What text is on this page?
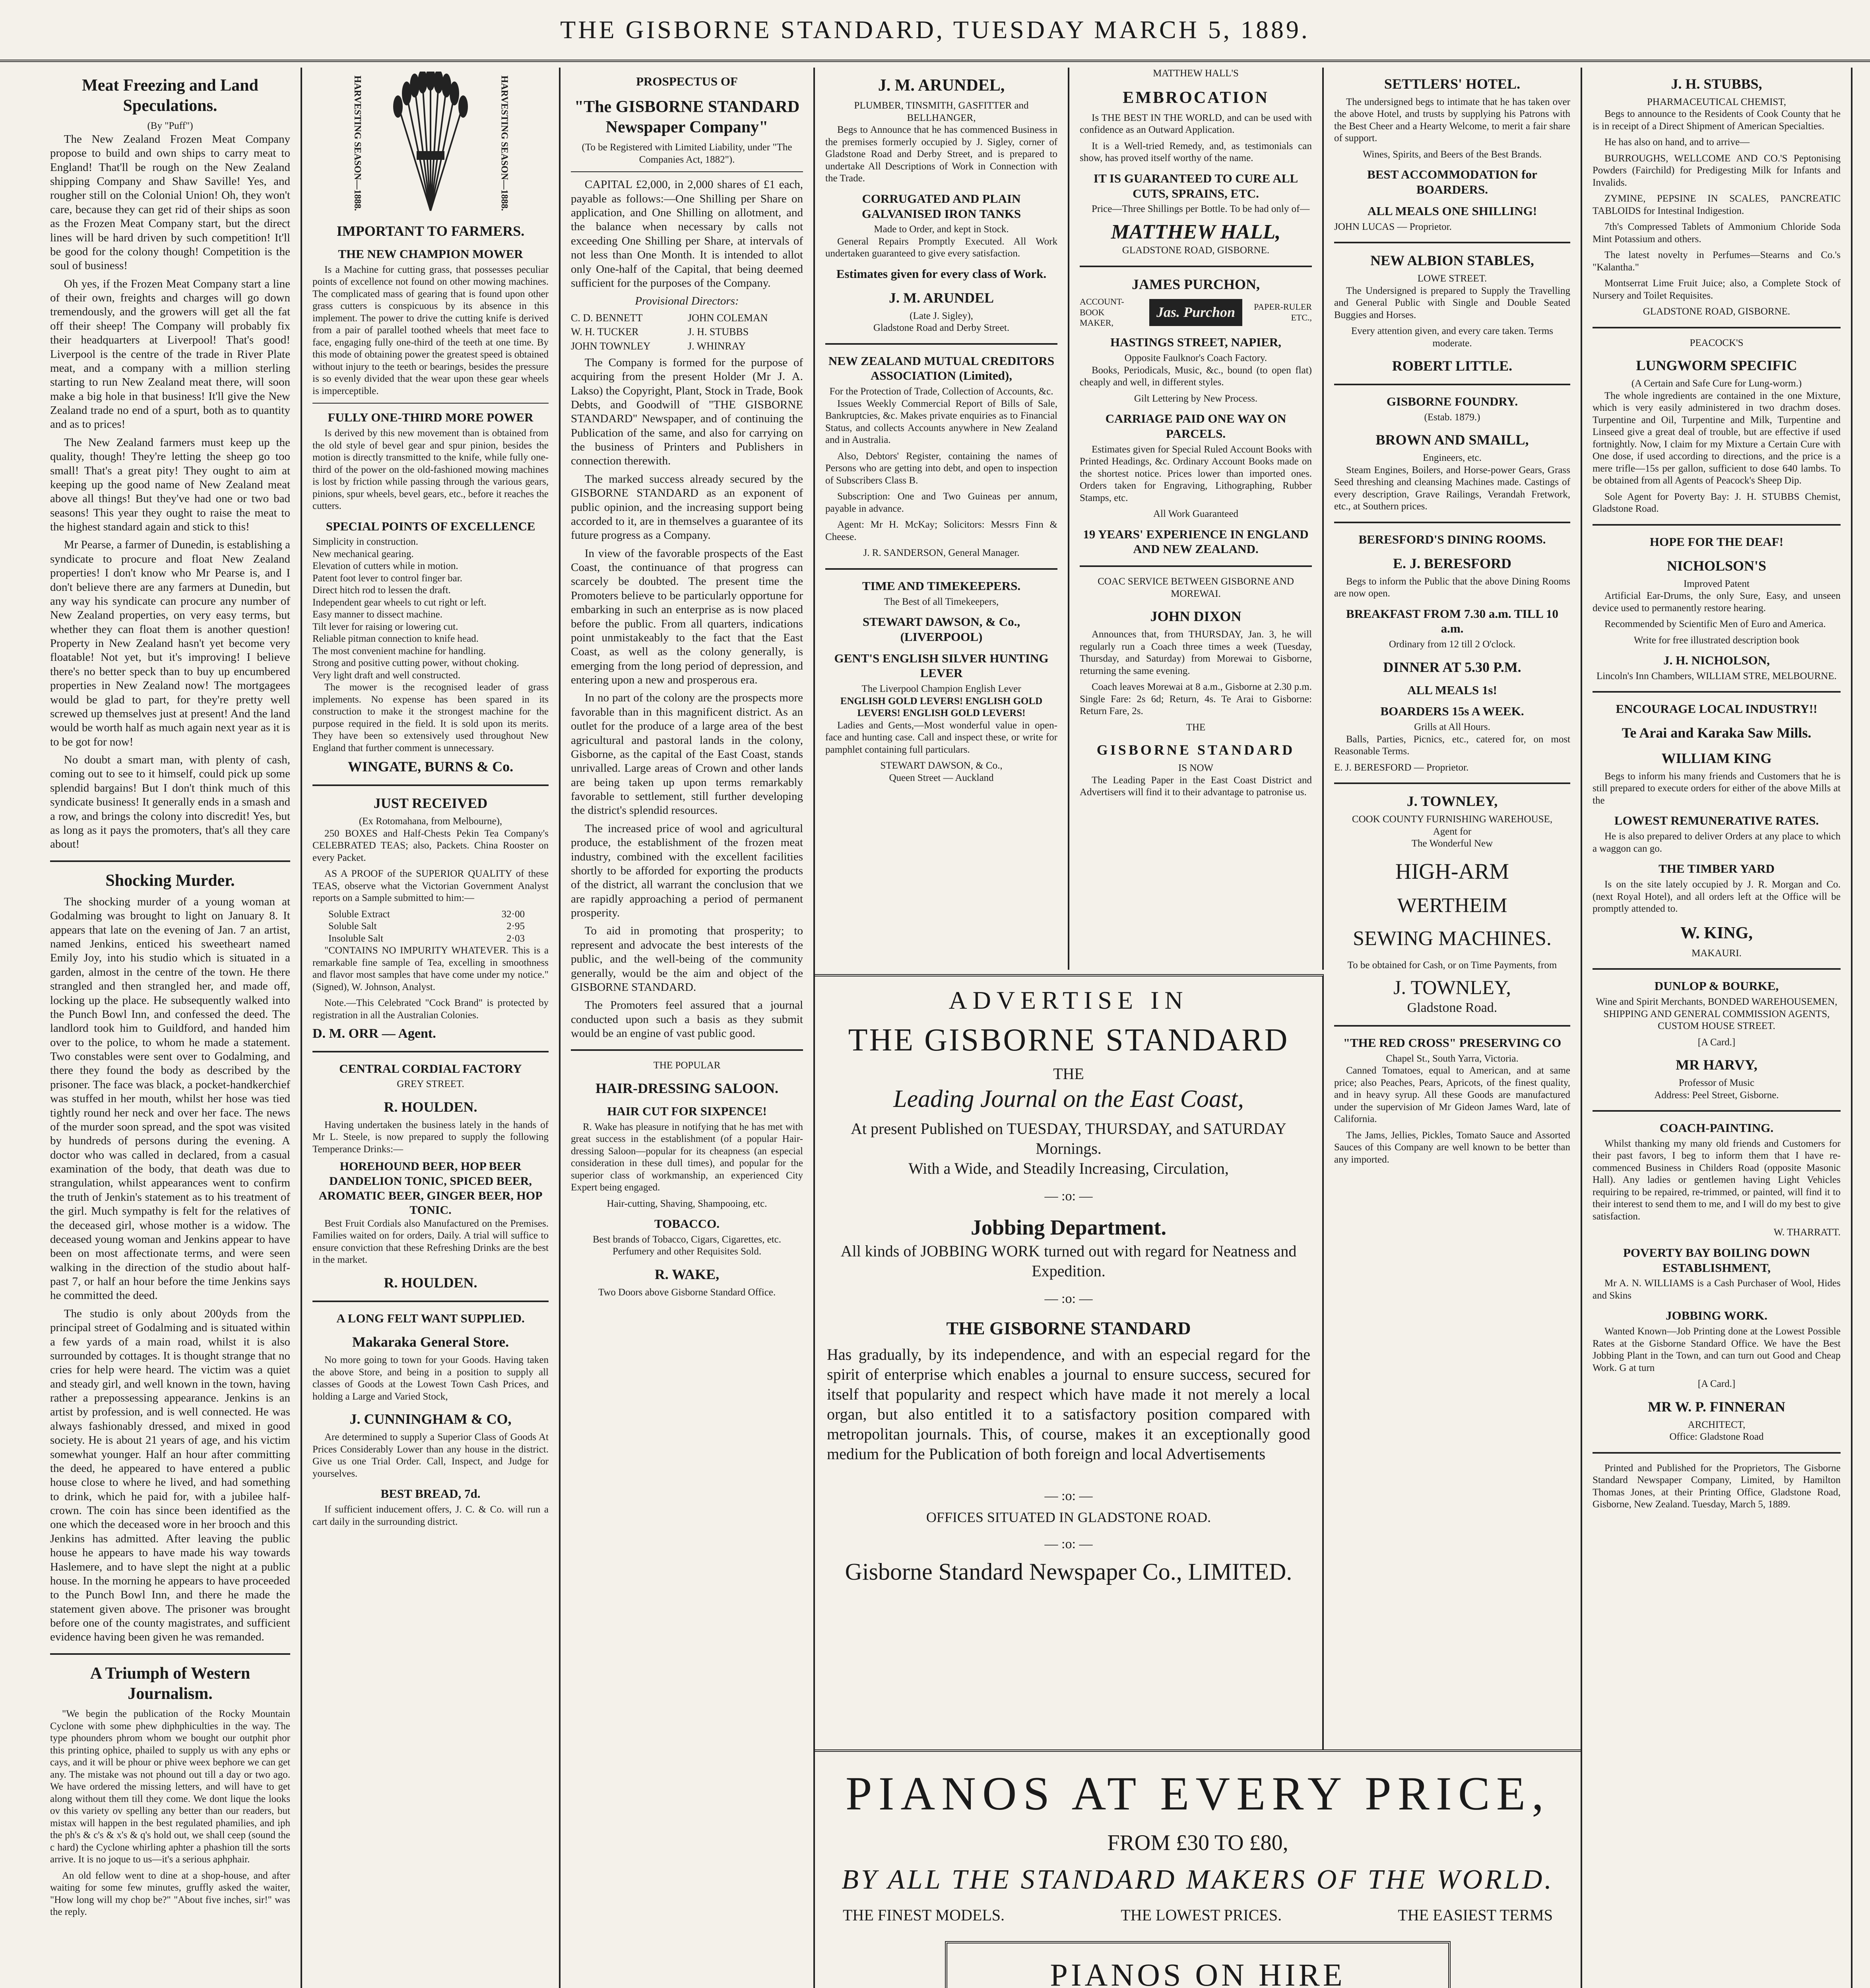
THE GISBORNE STANDARD, TUESDAY MARCH 5, 1889.
Meat Freezing and Land Speculations.
(By "Puff")

The New Zealand Frozen Meat Company propose to build and own ships to carry meat to England! That'll be rough on the New Zealand shipping Company and Shaw Saville! Yes, and rougher still on the Colonial Union! Oh, they won't care, because they can get rid of their ships as soon as the Frozen Meat Company start, but the direct lines will be hard driven by such competition! It'll be good for the colony though! Competition is the soul of business!

Oh yes, if the Frozen Meat Company start a line of their own, freights and charges will go down tremendously, and the growers will get all the fat off their sheep! The Company will probably fix their headquarters at Liverpool! That's good! Liverpool is the centre of the trade in River Plate meat, and a company with a million sterling starting to run New Zealand meat there, will soon make a big hole in that business! It'll give the New Zealand trade no end of a spurt, both as to quantity and as to prices!

The New Zealand farmers must keep up the quality, though! They're letting the sheep go too small! That's a great pity! They ought to aim at keeping up the good name of New Zealand meat above all things! But they've had one or two bad seasons! This year they ought to raise the meat to the highest standard again and stick to this!

Mr Pearse, a farmer of Dunedin, is establishing a syndicate to procure and float New Zealand properties! I don't know who Mr Pearse is, and I don't believe there are any farmers at Dunedin, but any way his syndicate can procure any number of New Zealand properties, on very easy terms, but whether they can float them is another question! Property in New Zealand hasn't yet become very floatable! Not yet, but it's improving! I believe there's no better speck than to buy up encumbered properties in New Zealand now! The mortgagees would be glad to part, for they're pretty well screwed up themselves just at present! And the land would be worth half as much again next year as it is to be got for now!

No doubt a smart man, with plenty of cash, coming out to see to it himself, could pick up some splendid bargains! But I don't think much of this syndicate business! It generally ends in a smash and a row, and brings the colony into discredit! Yes, but as long as it pays the promoters, that's all they care about!

Shocking Murder.

The shocking murder of a young woman at Godalming was brought to light on January 8. It appears that late on the evening of Jan. 7 an artist, named Jenkins, enticed his sweetheart named Emily Joy, into his studio which is situated in a garden, almost in the centre of the town. He there strangled and then strangled her, and made off, locking up the place. He subsequently walked into the Punch Bowl Inn, and confessed the deed. The landlord took him to Guildford, and handed him over to the police, to whom he made a statement. Two constables were sent over to Godalming, and there they found the body as described by the prisoner. The face was black, a pocket-handkerchief was stuffed in her mouth, whilst her hose was tied tightly round her neck and over her face. The news of the murder soon spread, and the spot was visited by hundreds of persons during the evening. A doctor who was called in declared, from a casual examination of the body, that death was due to strangulation, whilst appearances went to confirm the truth of Jenkin's statement as to his treatment of the girl. Much sympathy is felt for the relatives of the deceased girl, whose mother is a widow. The deceased young woman and Jenkins appear to have been on most affectionate terms, and were seen walking in the direction of the studio about half-past 7, or half an hour before the time Jenkins says he committed the deed.

The studio is only about 200yds from the principal street of Godalming and is situated within a few yards of a main road, whilst it is also surrounded by cottages. It is thought strange that no cries for help were heard. The victim was a quiet and steady girl, and well known in the town, having rather a prepossessing appearance. Jenkins is an artist by profession, and is well connected. He was always fashionably dressed, and mixed in good society. He is about 21 years of age, and his victim somewhat younger. Half an hour after committing the deed, he appeared to have entered a public house close to where he lived, and had something to drink, which he paid for, with a jubilee half-crown. The coin has since been identified as the one which the deceased wore in her brooch and this Jenkins has admitted. After leaving the public house he appears to have made his way towards Haslemere, and to have slept the night at a public house. In the morning he appears to have proceeded to the Punch Bowl Inn, and there he made the statement given above. The prisoner was brought before one of the county magistrates, and sufficient evidence having been given he was remanded.

A Triumph of Western Journalism.

"We begin the publication of the Rocky Mountain Cyclone with some phew diphphiculties in the way. The type phounders phrom whom we bought our outphit phor this printing ophice, phailed to supply us with any ephs or cays, and it will be phour or phive weex bephore we can get any. The mistake was not phound out till a day or two ago. We have ordered the missing letters, and will have to get along without them till they come. We dont lique the looks ov this variety ov spelling any better than our readers, but mistax will happen in the best regulated phamilies, and iph the ph's & c's & x's & q's hold out, we shall ceep (sound the c hard) the Cyclone whirling aphter a phashion till the sorts arrive. It is no joque to us—it's a serious aphphair.

An old fellow went to dine at a shop-house, and after waiting for some few minutes, gruffly asked the waiter, "How long will my chop be?" "About five inches, sir!" was the reply.

HARVESTING SEASON—1888.	HARVESTING SEASON—1888.
IMPORTANT TO FARMERS.
THE NEW CHAMPION MOWER

Is a Machine for cutting grass, that possesses peculiar points of excellence not found on other mowing machines. The complicated mass of gearing that is found upon other grass cutters is conspicuous by its absence in this implement. The power to drive the cutting knife is derived from a pair of parallel toothed wheels that meet face to face, engaging fully one-third of the teeth at one time. By this mode of obtaining power the greatest speed is obtained without injury to the teeth or bearings, besides the pressure is so evenly divided that the wear upon these gear wheels is imperceptible.

FULLY ONE-THIRD MORE POWER

Is derived by this new movement than is obtained from the old style of bevel gear and spur pinion, besides the motion is directly transmitted to the knife, while fully one-third of the power on the old-fashioned mowing machines is lost by friction while passing through the various gears, pinions, spur wheels, bevel gears, etc., before it reaches the cutters.

SPECIAL POINTS OF EXCELLENCE
Simplicity in construction.
New mechanical gearing.
Elevation of cutters while in motion.
Patent foot lever to control finger bar.
Direct hitch rod to lessen the draft.
Independent gear wheels to cut right or left.
Easy manner to dissect machine.
Tilt lever for raising or lowering cut.
Reliable pitman connection to knife head.
The most convenient machine for handling.
Strong and positive cutting power, without choking.
Very light draft and well constructed.

The mower is the recognised leader of grass implements. No expense has been spared in its construction to make it the strongest machine for the purpose required in the field. It is sold upon its merits. They have been so extensively used throughout New England that further comment is unnecessary.

WINGATE, BURNS & Co.
JUST RECEIVED
(Ex Rotomahana, from Melbourne),

250 BOXES and Half-Chests Pekin Tea Company's CELEBRATED TEAS; also, Packets. China Rooster on every Packet.

AS A PROOF of the SUPERIOR QUALITY of these TEAS, observe what the Victorian Government Analyst reports on a Sample submitted to him:—

Soluble Extract	32·00
Soluble Salt	2·95
Insoluble Salt	2·03

"CONTAINS NO IMPURITY WHATEVER. This is a remarkable fine sample of Tea, excelling in smoothness and flavor most samples that have come under my notice." (Signed), W. Johnson, Analyst.

Note.—This Celebrated "Cock Brand" is protected by registration in all the Australian Colonies.

D. M. ORR — Agent.
CENTRAL CORDIAL FACTORY
GREY STREET.
R. HOULDEN.

Having undertaken the business lately in the hands of Mr L. Steele, is now prepared to supply the following Temperance Drinks:—

HOREHOUND BEER, HOP BEER DANDELION TONIC, SPICED BEER, AROMATIC BEER, GINGER BEER, HOP TONIC.

Best Fruit Cordials also Manufactured on the Premises. Families waited on for orders, Daily. A trial will suffice to ensure conviction that these Refreshing Drinks are the best in the market.

R. HOULDEN.
A LONG FELT WANT SUPPLIED.
Makaraka General Store.

No more going to town for your Goods. Having taken the above Store, and being in a position to supply all classes of Goods at the Lowest Town Cash Prices, and holding a Large and Varied Stock,

J. CUNNINGHAM & CO,

Are determined to supply a Superior Class of Goods At Prices Considerably Lower than any house in the district. Give us one Trial Order. Call, Inspect, and Judge for yourselves.

BEST BREAD, 7d.

If sufficient inducement offers, J. C. & Co. will run a cart daily in the surrounding district.

PROSPECTUS OF
"The GISBORNE STANDARD Newspaper Company"
(To be Registered with Limited Liability, under "The Companies Act, 1882").

CAPITAL £2,000, in 2,000 shares of £1 each, payable as follows:—One Shilling per Share on application, and One Shilling on allotment, and the balance when necessary by calls not exceeding One Shilling per Share, at intervals of not less than One Month. It is intended to allot only One-half of the Capital, that being deemed sufficient for the purposes of the Company.

Provisional Directors:
C. D. BENNETT	JOHN COLEMAN
W. H. TUCKER	J. H. STUBBS
JOHN TOWNLEY	J. WHINRAY

The Company is formed for the purpose of acquiring from the present Holder (Mr J. A. Lakso) the Copyright, Plant, Stock in Trade, Book Debts, and Goodwill of "THE GISBORNE STANDARD" Newspaper, and of continuing the Publication of the same, and also for carrying on the business of Printers and Publishers in connection therewith.

The marked success already secured by the GISBORNE STANDARD as an exponent of public opinion, and the increasing support being accorded to it, are in themselves a guarantee of its future progress as a Company.

In view of the favorable prospects of the East Coast, the continuance of that progress can scarcely be doubted. The present time the Promoters believe to be particularly opportune for embarking in such an enterprise as is now placed before the public. From all quarters, indications point unmistakeably to the fact that the East Coast, as well as the colony generally, is emerging from the long period of depression, and entering upon a new and prosperous era.

In no part of the colony are the prospects more favorable than in this magnificent district. As an outlet for the produce of a large area of the best agricultural and pastoral lands in the colony, Gisborne, as the capital of the East Coast, stands unrivalled. Large areas of Crown and other lands are being taken up upon terms remarkably favorable to settlement, still further developing the district's splendid resources.

The increased price of wool and agricultural produce, the establishment of the frozen meat industry, combined with the excellent facilities shortly to be afforded for exporting the products of the district, all warrant the conclusion that we are rapidly approaching a period of permanent prosperity.

To aid in promoting that prosperity; to represent and advocate the best interests of the public, and the well-being of the community generally, would be the aim and object of the GISBORNE STANDARD.

The Promoters feel assured that a journal conducted upon such a basis as they submit would be an engine of vast public good.

THE POPULAR
HAIR-DRESSING SALOON.
HAIR CUT FOR SIXPENCE!

R. Wake has pleasure in notifying that he has met with great success in the establishment (of a popular Hair-dressing Saloon—popular for its cheapness (an especial consideration in these dull times), and popular for the superior class of workmanship, an experienced City Expert being engaged.

Hair-cutting, Shaving, Shampooing, etc.
TOBACCO.
Best brands of Tobacco, Cigars, Cigarettes, etc. Perfumery and other Requisites Sold.
R. WAKE,
Two Doors above Gisborne Standard Office.
J. M. ARUNDEL,
PLUMBER, TINSMITH, GASFITTER and BELLHANGER,

Begs to Announce that he has commenced Business in the premises formerly occupied by J. Sigley, corner of Gladstone Road and Derby Street, and is prepared to undertake All Descriptions of Work in Connection with the Trade.

CORRUGATED AND PLAIN GALVANISED IRON TANKS
Made to Order, and kept in Stock.

General Repairs Promptly Executed. All Work undertaken guaranteed to give every satisfaction.

Estimates given for every class of Work.
J. M. ARUNDEL
(Late J. Sigley),
Gladstone Road and Derby Street.
NEW ZEALAND MUTUAL CREDITORS ASSOCIATION (Limited),
For the Protection of Trade, Collection of Accounts, &c.

Issues Weekly Commercial Report of Bills of Sale, Bankruptcies, &c. Makes private enquiries as to Financial Status, and collects Accounts anywhere in New Zealand and in Australia.

Also, Debtors' Register, containing the names of Persons who are getting into debt, and open to inspection of Subscribers Class B.

Subscription: One and Two Guineas per annum, payable in advance.

Agent: Mr H. McKay; Solicitors: Messrs Finn & Cheese.

J. R. SANDERSON, General Manager.
TIME AND TIMEKEEPERS.
The Best of all Timekeepers,
STEWART DAWSON, & Co., (LIVERPOOL)
GENT'S ENGLISH SILVER HUNTING LEVER
The Liverpool Champion English Lever
ENGLISH GOLD LEVERS! ENGLISH GOLD LEVERS! ENGLISH GOLD LEVERS!

Ladies and Gents,—Most wonderful value in open-face and hunting case. Call and inspect these, or write for pamphlet containing full particulars.

STEWART DAWSON, & Co.,
Queen Street — Auckland
MATTHEW HALL'S
EMBROCATION

Is THE BEST IN THE WORLD, and can be used with confidence as an Outward Application.

It is a Well-tried Remedy, and, as testimonials can show, has proved itself worthy of the name.

IT IS GUARANTEED TO CURE ALL CUTS, SPRAINS, ETC.

Price—Three Shillings per Bottle. To be had only of—

MATTHEW HALL,
GLADSTONE ROAD, GISBORNE.
JAMES PURCHON,
ACCOUNT-BOOK MAKER,
Jas. Purchon	PAPER-RULER ETC.,
HASTINGS STREET, NAPIER,
Opposite Faulknor's Coach Factory.

Books, Periodicals, Music, &c., bound (to open flat) cheaply and well, in different styles.

Gilt Lettering by New Process.
CARRIAGE PAID ONE WAY ON PARCELS.

Estimates given for Special Ruled Account Books with Printed Headings, &c. Ordinary Account Books made on the shortest notice. Prices lower than imported ones. Orders taken for Engraving, Lithographing, Rubber Stamps, etc.

All Work Guaranteed
19 YEARS' EXPERIENCE IN ENGLAND AND NEW ZEALAND.
COAC SERVICE BETWEEN GISBORNE AND MOREWAI.
JOHN DIXON

Announces that, from THURSDAY, Jan. 3, he will regularly run a Coach three times a week (Tuesday, Thursday, and Saturday) from Morewai to Gisborne, returning the same evening.

Coach leaves Morewai at 8 a.m., Gisborne at 2.30 p.m. Single Fare: 2s 6d; Return, 4s. Te Arai to Gisborne: Return Fare, 2s.

THE
GISBORNE STANDARD
IS NOW

The Leading Paper in the East Coast District and Advertisers will find it to their advantage to patronise us.

SETTLERS' HOTEL.

The undersigned begs to intimate that he has taken over the above Hotel, and trusts by supplying his Patrons with the Best Cheer and a Hearty Welcome, to merit a fair share of support.

Wines, Spirits, and Beers of the Best Brands.
BEST ACCOMMODATION for BOARDERS.
ALL MEALS ONE SHILLING!
JOHN LUCAS — Proprietor.
NEW ALBION STABLES,
LOWE STREET.

The Undersigned is prepared to Supply the Travelling and General Public with Single and Double Seated Buggies and Horses.

Every attention given, and every care taken. Terms moderate.
ROBERT LITTLE.
GISBORNE FOUNDRY.
(Estab. 1879.)
BROWN AND SMAILL,
Engineers, etc.

Steam Engines, Boilers, and Horse-power Gears, Grass Seed threshing and cleansing Machines made. Castings of every description, Grave Railings, Verandah Fretwork, etc., at Southern prices.

BERESFORD'S DINING ROOMS.
E. J. BERESFORD

Begs to inform the Public that the above Dining Rooms are now open.

BREAKFAST FROM 7.30 a.m. TILL 10 a.m.
Ordinary from 12 till 2 O'clock.
DINNER AT 5.30 P.M.
ALL MEALS 1s!
BOARDERS 15s A WEEK.
Grills at All Hours.

Balls, Parties, Picnics, etc., catered for, on most Reasonable Terms.

E. J. BERESFORD — Proprietor.
J. TOWNLEY,
COOK COUNTY FURNISHING WAREHOUSE,
Agent for
The Wonderful New
HIGH-ARM
WERTHEIM
SEWING MACHINES.

To be obtained for Cash, or on Time Payments, from

J. TOWNLEY,
Gladstone Road.
"THE RED CROSS" PRESERVING CO
Chapel St., South Yarra, Victoria.

Canned Tomatoes, equal to American, and at same price; also Peaches, Pears, Apricots, of the finest quality, and in heavy syrup. All these Goods are manufactured under the supervision of Mr Gideon James Ward, late of California.

The Jams, Jellies, Pickles, Tomato Sauce and Assorted Sauces of this Company are well known to be better than any imported.

J. H. STUBBS,
PHARMACEUTICAL CHEMIST,

Begs to announce to the Residents of Cook County that he is in receipt of a Direct Shipment of American Specialties.

He has also on hand, and to arrive—

BURROUGHS, WELLCOME AND CO.'S Peptonising Powders (Fairchild) for Predigesting Milk for Infants and Invalids.

ZYMINE, PEPSINE IN SCALES, PANCREATIC TABLOIDS for Intestinal Indigestion.

7th's Compressed Tablets of Ammonium Chloride Soda Mint Potassium and others.

The latest novelty in Perfumes—Stearns and Co.'s "Kalantha."

Montserrat Lime Fruit Juice; also, a Complete Stock of Nursery and Toilet Requisites.

GLADSTONE ROAD, GISBORNE.
PEACOCK'S
LUNGWORM SPECIFIC
(A Certain and Safe Cure for Lung-worm.)

The whole ingredients are contained in the one Mixture, which is very easily administered in two drachm doses. Turpentine and Oil, Turpentine and Milk, Turpentine and Linseed give a great deal of trouble, but are effective if used fortnightly. Now, I claim for my Mixture a Certain Cure with One dose, if used according to directions, and the price is a mere trifle—15s per gallon, sufficient to dose 640 lambs. To be obtained from all Agents of Peacock's Sheep Dip.

Sole Agent for Poverty Bay: J. H. STUBBS Chemist, Gladstone Road.

HOPE FOR THE DEAF!
NICHOLSON'S
Improved Patent

Artificial Ear-Drums, the only Sure, Easy, and unseen device used to permanently restore hearing.

Recommended by Scientific Men of Euro and America.

Write for free illustrated description book
J. H. NICHOLSON,
Lincoln's Inn Chambers, WILLIAM STRE, MELBOURNE.
ENCOURAGE LOCAL INDUSTRY!!
Te Arai and Karaka Saw Mills.
WILLIAM KING

Begs to inform his many friends and Customers that he is still prepared to execute orders for either of the above Mills at the

LOWEST REMUNERATIVE RATES.

He is also prepared to deliver Orders at any place to which a waggon can go.

THE TIMBER YARD

Is on the site lately occupied by J. R. Morgan and Co. (next Royal Hotel), and all orders left at the Office will be promptly attended to.

W. KING,
MAKAURI.
DUNLOP & BOURKE,

Wine and Spirit Merchants, BONDED WAREHOUSEMEN, SHIPPING AND GENERAL COMMISSION AGENTS, CUSTOM HOUSE STREET.

[A Card.]
MR HARVY,
Professor of Music
Address: Peel Street, Gisborne.
COACH-PAINTING.

Whilst thanking my many old friends and Customers for their past favors, I beg to inform them that I have re-commenced Business in Childers Road (opposite Masonic Hall). Any ladies or gentlemen having Light Vehicles requiring to be repaired, re-trimmed, or painted, will find it to their interest to send them to me, and I will do my best to give satisfaction.

W. THARRATT.
POVERTY BAY BOILING DOWN ESTABLISHMENT,

Mr A. N. WILLIAMS is a Cash Purchaser of Wool, Hides and Skins

JOBBING WORK.

Wanted Known—Job Printing done at the Lowest Possible Rates at the Gisborne Standard Office. We have the Best Jobbing Plant in the Town, and can turn out Good and Cheap Work. G at turn

[A Card.]
MR W. P. FINNERAN
ARCHITECT,
Office: Gladstone Road

Printed and Published for the Proprietors, The Gisborne Standard Newspaper Company, Limited, by Hamilton Thomas Jones, at their Printing Office, Gladstone Road, Gisborne, New Zealand. Tuesday, March 5, 1889.

ADVERTISE IN
THE GISBORNE STANDARD
THE
Leading Journal on the East Coast,
At present Published on TUESDAY, THURSDAY, and SATURDAY Mornings.
With a Wide, and Steadily Increasing, Circulation,
— :o: —
Jobbing Department.
All kinds of JOBBING WORK turned out with regard for Neatness and Expedition.
— :o: —
THE GISBORNE STANDARD
Has gradually, by its independence, and with an especial regard for the spirit of enterprise which enables a journal to ensure success, secured for itself that popularity and respect which have made it not merely a local organ, but also entitled it to a satisfactory position compared with metropolitan journals. This, of course, makes it an exceptionally good medium for the Publication of both foreign and local Advertisements
— :o: —
OFFICES SITUATED IN GLADSTONE ROAD.
— :o: —
Gisborne Standard Newspaper Co., LIMITED.
PIANOS AT EVERY PRICE,
FROM £30 TO £80,
BY ALL THE STANDARD MAKERS OF THE WORLD.
THE FINEST MODELS.	THE LOWEST PRICES.	THE EASIEST TERMS
PIANOS ON HIRE
